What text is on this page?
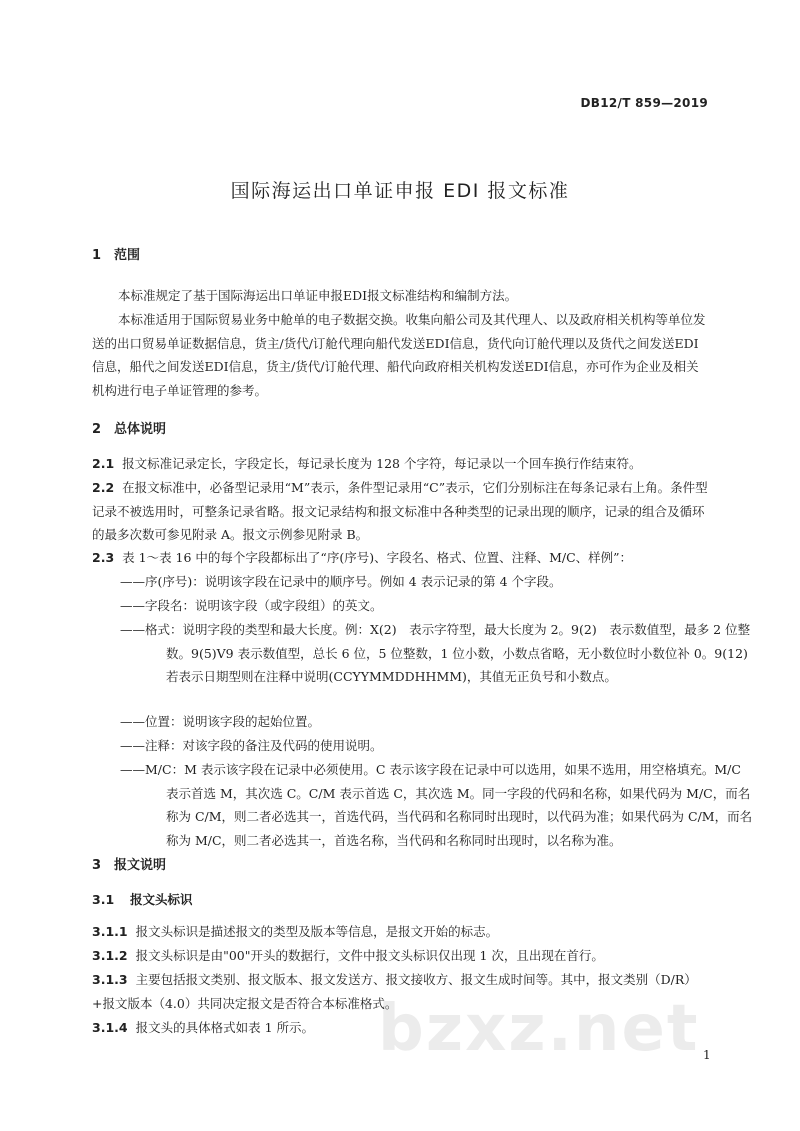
bzxz.net
DB12/T 859—2019
国际海运出口单证申报 EDI 报文标准
1 范围
本标准规定了基于国际海运出口单证申报EDI报文标准结构和编制方法。
本标准适用于国际贸易业务中舱单的电子数据交换。收集向船公司及其代理人、以及政府相关机构等单位发送的出口贸易单证数据信息，货主/货代/订舱代理向船代发送EDI信息，货代向订舱代理以及货代之间发送EDI信息，船代之间发送EDI信息，货主/货代/订舱代理、船代向政府相关机构发送EDI信息，亦可作为企业及相关机构进行电子单证管理的参考。
2 总体说明
2.1 报文标准记录定长，字段定长，每记录长度为 128 个字符，每记录以一个回车换行作结束符。
2.2 在报文标准中，必备型记录用“M”表示，条件型记录用“C”表示，它们分别标注在每条记录右上角。条件型记录不被选用时，可整条记录省略。报文记录结构和报文标准中各种类型的记录出现的顺序，记录的组合及循环的最多次数可参见附录 A。报文示例参见附录 B。
2.3 表 1～表 16 中的每个字段都标出了“序(序号)、字段名、格式、位置、注释、M/C、样例”：
——序(序号)：说明该字段在记录中的顺序号。例如 4 表示记录的第 4 个字段。
——字段名：说明该字段（或字段组）的英文。
——格式：说明字段的类型和最大长度。例：X(2)　表示字符型，最大长度为 2。9(2)　表示数值型，最多 2 位整数。9(5)V9 表示数值型，总长 6 位，5 位整数，1 位小数，小数点省略，无小数位时小数位补 0。9(12) 若表示日期型则在注释中说明(CCYYMMDDHHMM)，其值无正负号和小数点。
——位置：说明该字段的起始位置。
——注释：对该字段的备注及代码的使用说明。
——M/C：M 表示该字段在记录中必须使用。C 表示该字段在记录中可以选用，如果不选用，用空格填充。M/C 表示首选 M，其次选 C。C/M 表示首选 C，其次选 M。同一字段的代码和名称，如果代码为 M/C，而名称为 C/M，则二者必选其一，首选代码，当代码和名称同时出现时，以代码为准；如果代码为 C/M，而名称为 M/C，则二者必选其一，首选名称，当代码和名称同时出现时，以名称为准。
3 报文说明
3.1 报文头标识
3.1.1 报文头标识是描述报文的类型及版本等信息，是报文开始的标志。
3.1.2 报文头标识是由"00"开头的数据行，文件中报文头标识仅出现 1 次，且出现在首行。
3.1.3 主要包括报文类别、报文版本、报文发送方、报文接收方、报文生成时间等。其中，报文类别（D/R）+报文版本（4.0）共同决定报文是否符合本标准格式。
3.1.4 报文头的具体格式如表 1 所示。
1
